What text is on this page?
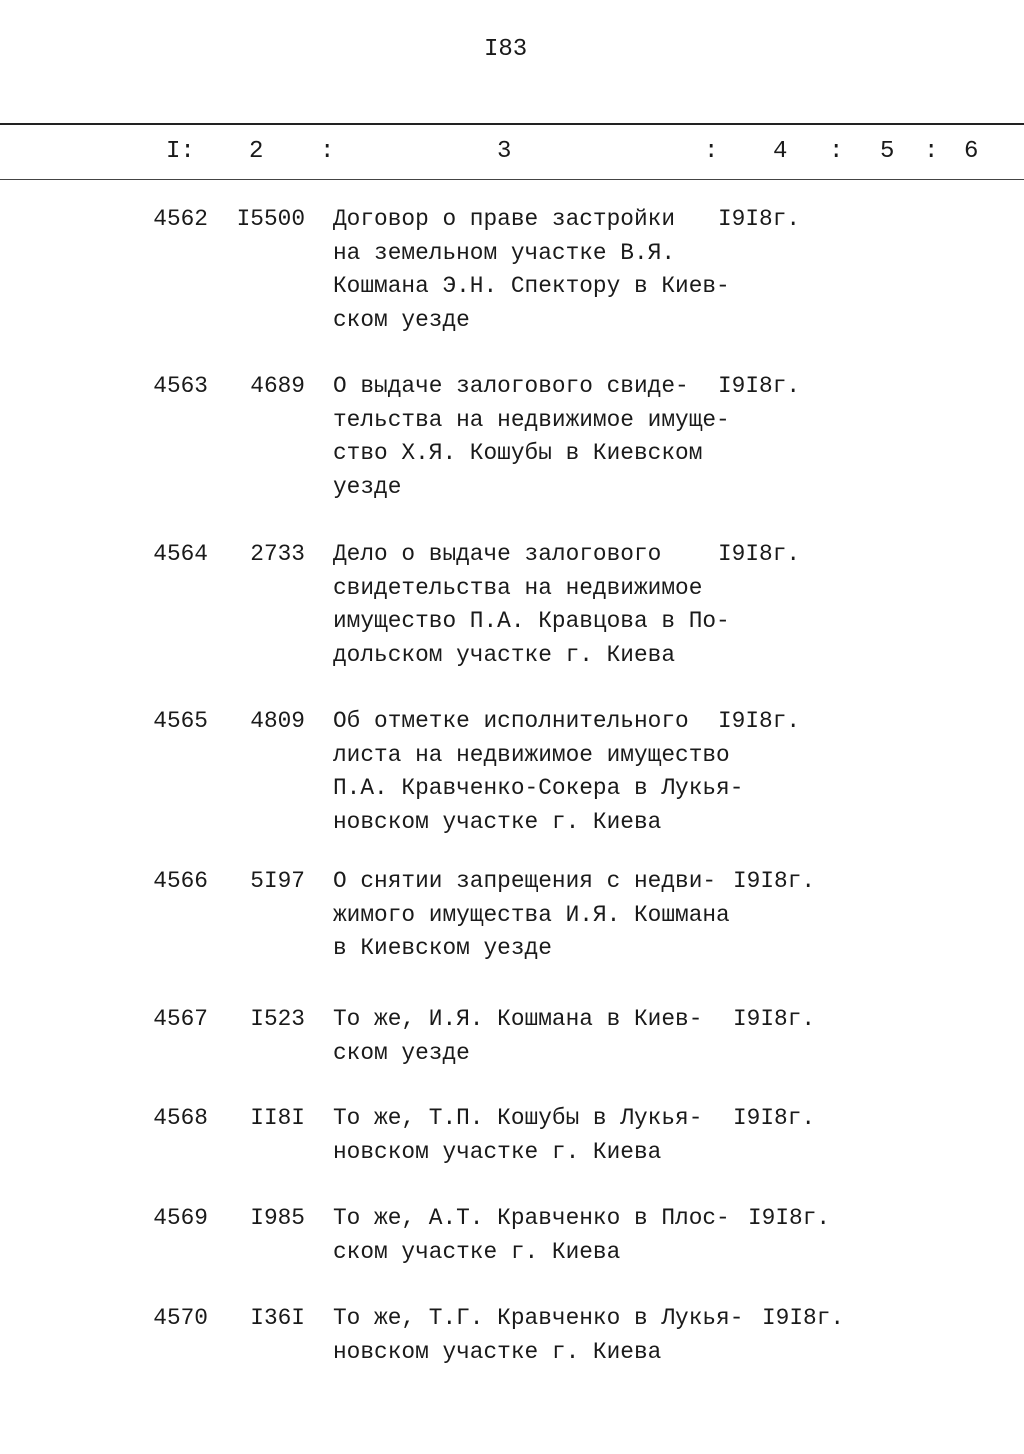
I83
I: 2 :	3	: 4 : 5 : 6
4562 I5500 Договор о праве застройки
на земельном участке В.Я.
Кошмана Э.Н. Спектору в Киев-
ском уезде
I9I8г.
4563 4689 О выдаче залогового свиде-
тельства на недвижимое имуще-
ство Х.Я. Кошубы в Киевском
уезде
I9I8г.
4564 2733 Дело о выдаче залогового
свидетельства на недвижимое
имущество П.А. Кравцова в По-
дольском участке г. Киева
I9I8г.
4565 4809 Об отметке исполнительного
листа на недвижимое имущество
П.А. Кравченко-Сокера в Лукья-
новском участке г. Киева
I9I8г.
4566 5I97 О снятии запрещения с недви-
жимого имущества И.Я. Кошмана
в Киевском уезде
I9I8г.
4567 I523 То же, И.Я. Кошмана в Киев-
ском уезде
I9I8г.
4568 II8I То же, Т.П. Кошубы в Лукья-
новском участке г. Киева
I9I8г.
4569 I985 То же, А.Т. Кравченко в Плос-
ском участке г. Киева
I9I8г.
4570 I36I То же, Т.Г. Кравченко в Лукья-
новском участке г. Киева
I9I8г.
